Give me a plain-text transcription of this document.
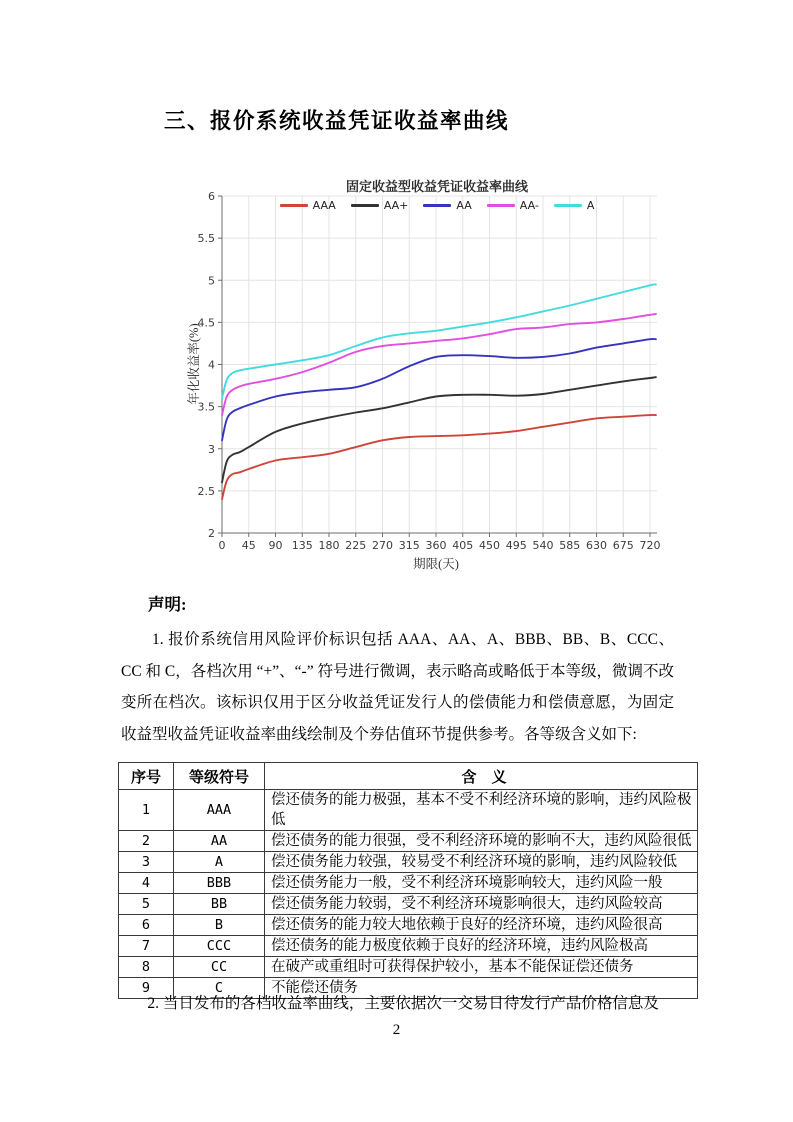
三、报价系统收益凭证收益率曲线
固定收益型收益凭证收益率曲线
AAA	AA+	AA	AA-	A
0 45 90 135 180 225 270 315 360 405 450 495 540 585 630 675 720
2
2.5
3
3.5
4
4.5
5
5.5
6
年化收益率(%)
期限(天)
声明:
1. 报价系统信用风险评价标识包括 AAA、AA、A、BBB、BB、B、CCC、CC 和 C，各档次用 “+”、“-” 符号进行微调，表示略高或略低于本等级，微调不改变所在档次。该标识仅用于区分收益凭证发行人的偿债能力和偿债意愿，为固定收益型收益凭证收益率曲线绘制及个券估值环节提供参考。各等级含义如下:
序号	等级符号	含　义
1	AAA	偿还债务的能力极强，基本不受不利经济环境的影响，违约风险极低
2	AA	偿还债务的能力很强，受不利经济环境的影响不大，违约风险很低
3	A	偿还债务能力较强，较易受不利经济环境的影响，违约风险较低
4	BBB	偿还债务能力一般，受不利经济环境影响较大，违约风险一般
5	BB	偿还债务能力较弱，受不利经济环境影响很大，违约风险较高
6	B	偿还债务的能力较大地依赖于良好的经济环境，违约风险很高
7	CCC	偿还债务的能力极度依赖于良好的经济环境，违约风险极高
8	CC	在破产或重组时可获得保护较小，基本不能保证偿还债务
9	C	不能偿还债务
2. 当日发布的各档收益率曲线，主要依据次一交易日待发行产品价格信息及
2
